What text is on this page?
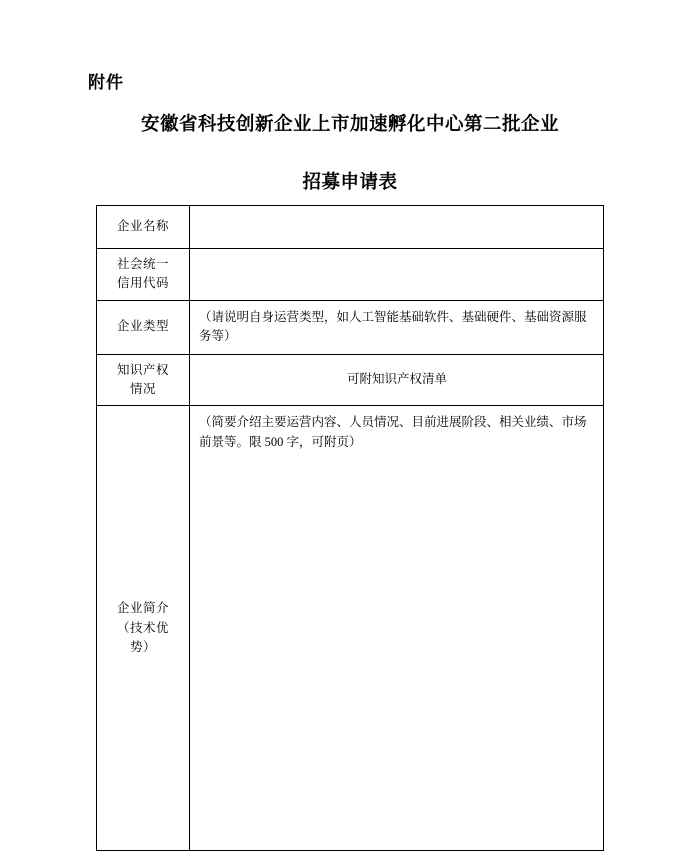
附件
安徽省科技创新企业上市加速孵化中心第二批企业
招募申请表
企业名称	

社会统一信用代码	

企业类型	（请说明自身运营类型，如人工智能基础软件、基础硬件、基础资源服务等）

知识产权情况	可附知识产权清单

企业简介（技术优势）	（简要介绍主要运营内容、人员情况、目前进展阶段、相关业绩、市场前景等。限 500 字，可附页）
